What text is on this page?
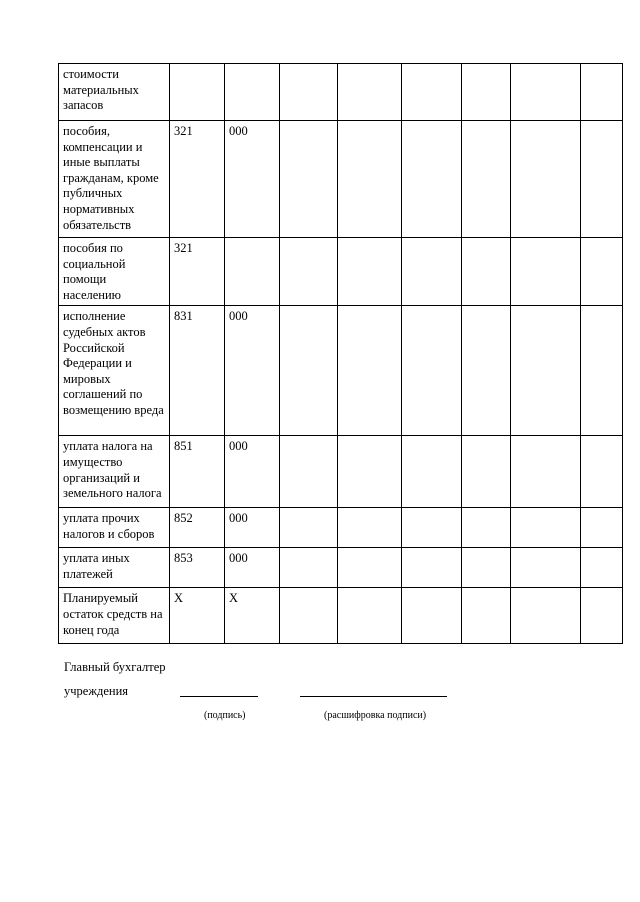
стоимости материальных запасов								
пособия, компенсации и иные выплаты гражданам, кроме публичных нормативных обязательств	321	000						
пособия по социальной помощи населению	321							
исполнение судебных актов Российской Федерации и мировых соглашений по возмещению вреда	831	000						
уплата налога на имущество организаций и земельного налога	851	000						
уплата прочих налогов и сборов	852	000						
уплата иных платежей	853	000						
Планируемый остаток средств на конец года	X	X						
Главный бухгалтер
учреждения
(подпись)	(расшифровка подписи)
